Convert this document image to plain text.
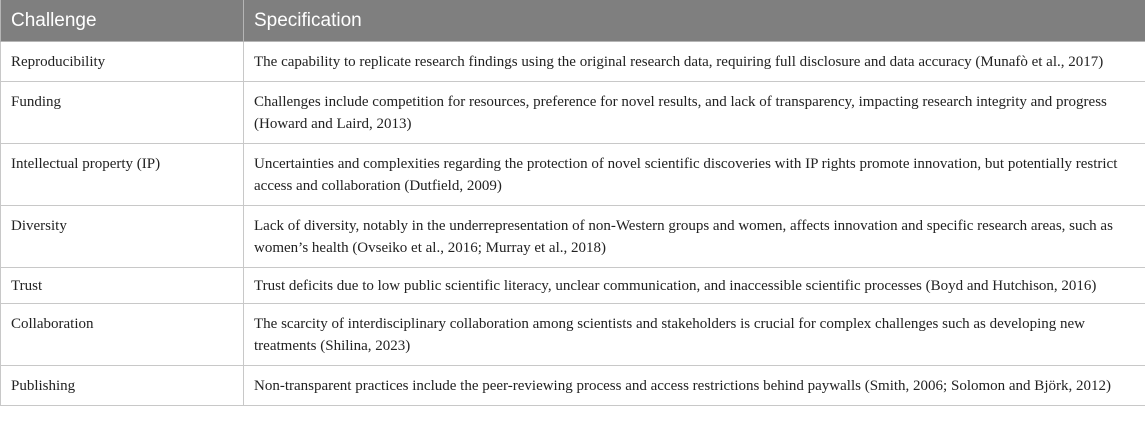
Challenge	Specification
Reproducibility	The capability to replicate research findings using the original research data, requiring full disclosure and data accuracy (Munafò et al., 2017)
Funding	Challenges include competition for resources, preference for novel results, and lack of transparency, impacting research integrity and progress (Howard and Laird, 2013)
Intellectual property (IP)	Uncertainties and complexities regarding the protection of novel scientific discoveries with IP rights promote innovation, but potentially restrict access and collaboration (Dutfield, 2009)
Diversity	Lack of diversity, notably in the underrepresentation of non-Western groups and women, affects innovation and specific research areas, such as women’s health (Ovseiko et al., 2016; Murray et al., 2018)
Trust	Trust deficits due to low public scientific literacy, unclear communication, and inaccessible scientific processes (Boyd and Hutchison, 2016)
Collaboration	The scarcity of interdisciplinary collaboration among scientists and stakeholders is crucial for complex challenges such as developing new treatments (Shilina, 2023)
Publishing	Non-transparent practices include the peer-reviewing process and access restrictions behind paywalls (Smith, 2006; Solomon and Björk, 2012)
